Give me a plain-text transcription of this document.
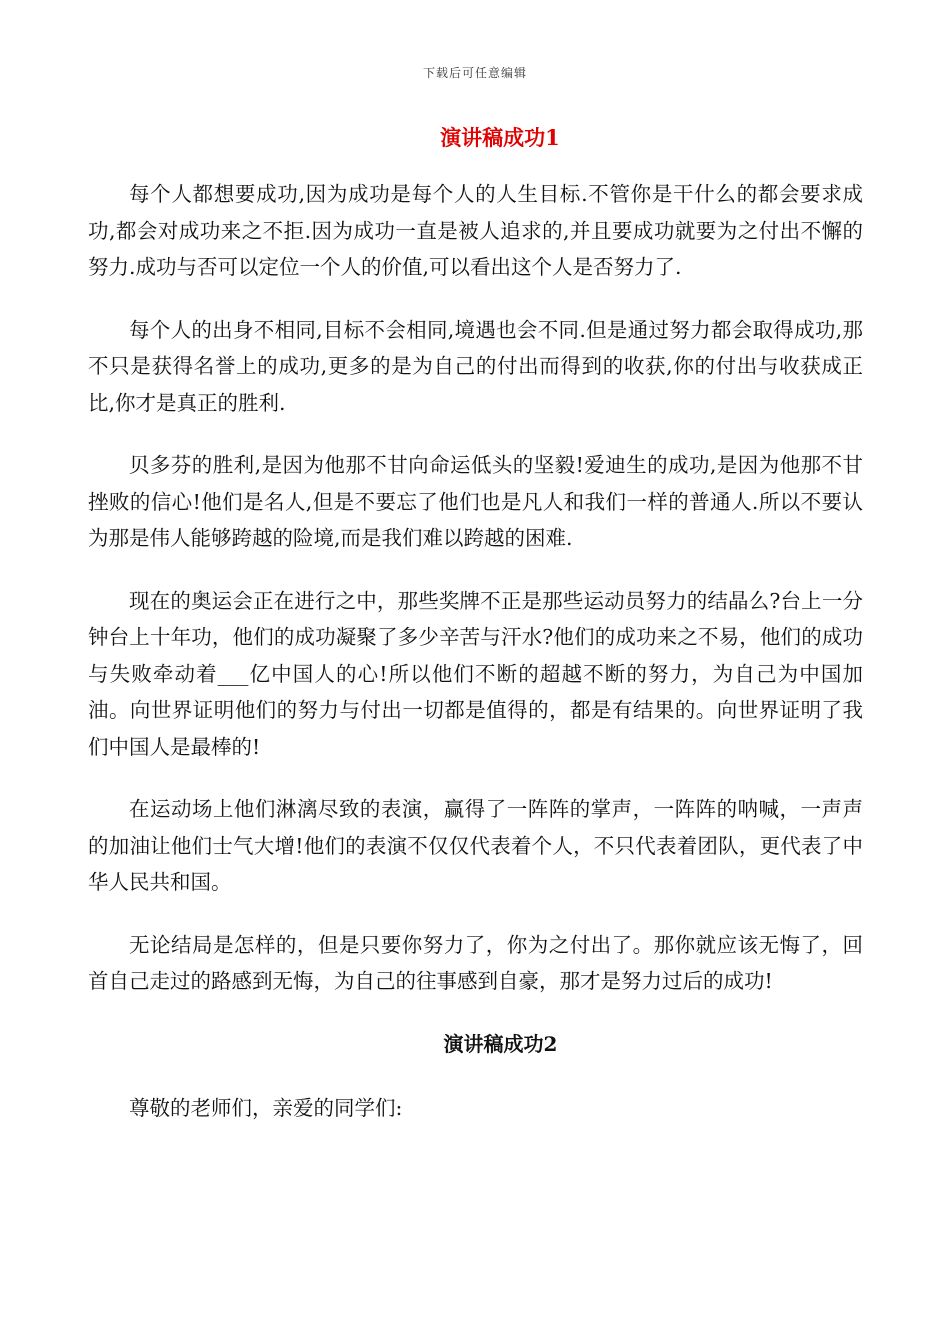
下载后可任意编辑
演讲稿成功1

每个人都想要成功,因为成功是每个人的人生目标.不管你是干什么的都会要求成功,都会对成功来之不拒.因为成功一直是被人追求的,并且要成功就要为之付出不懈的努力.成功与否可以定位一个人的价值,可以看出这个人是否努力了.

每个人的出身不相同,目标不会相同,境遇也会不同.但是通过努力都会取得成功,那不只是获得名誉上的成功,更多的是为自己的付出而得到的收获,你的付出与收获成正比,你才是真正的胜利.

贝多芬的胜利,是因为他那不甘向命运低头的坚毅!爱迪生的成功,是因为他那不甘挫败的信心!他们是名人,但是不要忘了他们也是凡人和我们一样的普通人.所以不要认为那是伟人能够跨越的险境,而是我们难以跨越的困难.

现在的奥运会正在进行之中，那些奖牌不正是那些运动员努力的结晶么?台上一分钟台上十年功，他们的成功凝聚了多少辛苦与汗水?他们的成功来之不易，他们的成功与失败牵动着___亿中国人的心!所以他们不断的超越不断的努力，为自己为中国加油。向世界证明他们的努力与付出一切都是值得的，都是有结果的。向世界证明了我们中国人是最棒的!

在运动场上他们淋漓尽致的表演，赢得了一阵阵的掌声，一阵阵的呐喊，一声声的加油让他们士气大增!他们的表演不仅仅代表着个人，不只代表着团队，更代表了中华人民共和国。

无论结局是怎样的，但是只要你努力了，你为之付出了。那你就应该无悔了，回首自己走过的路感到无悔，为自己的往事感到自豪，那才是努力过后的成功!

演讲稿成功2

尊敬的老师们，亲爱的同学们:
